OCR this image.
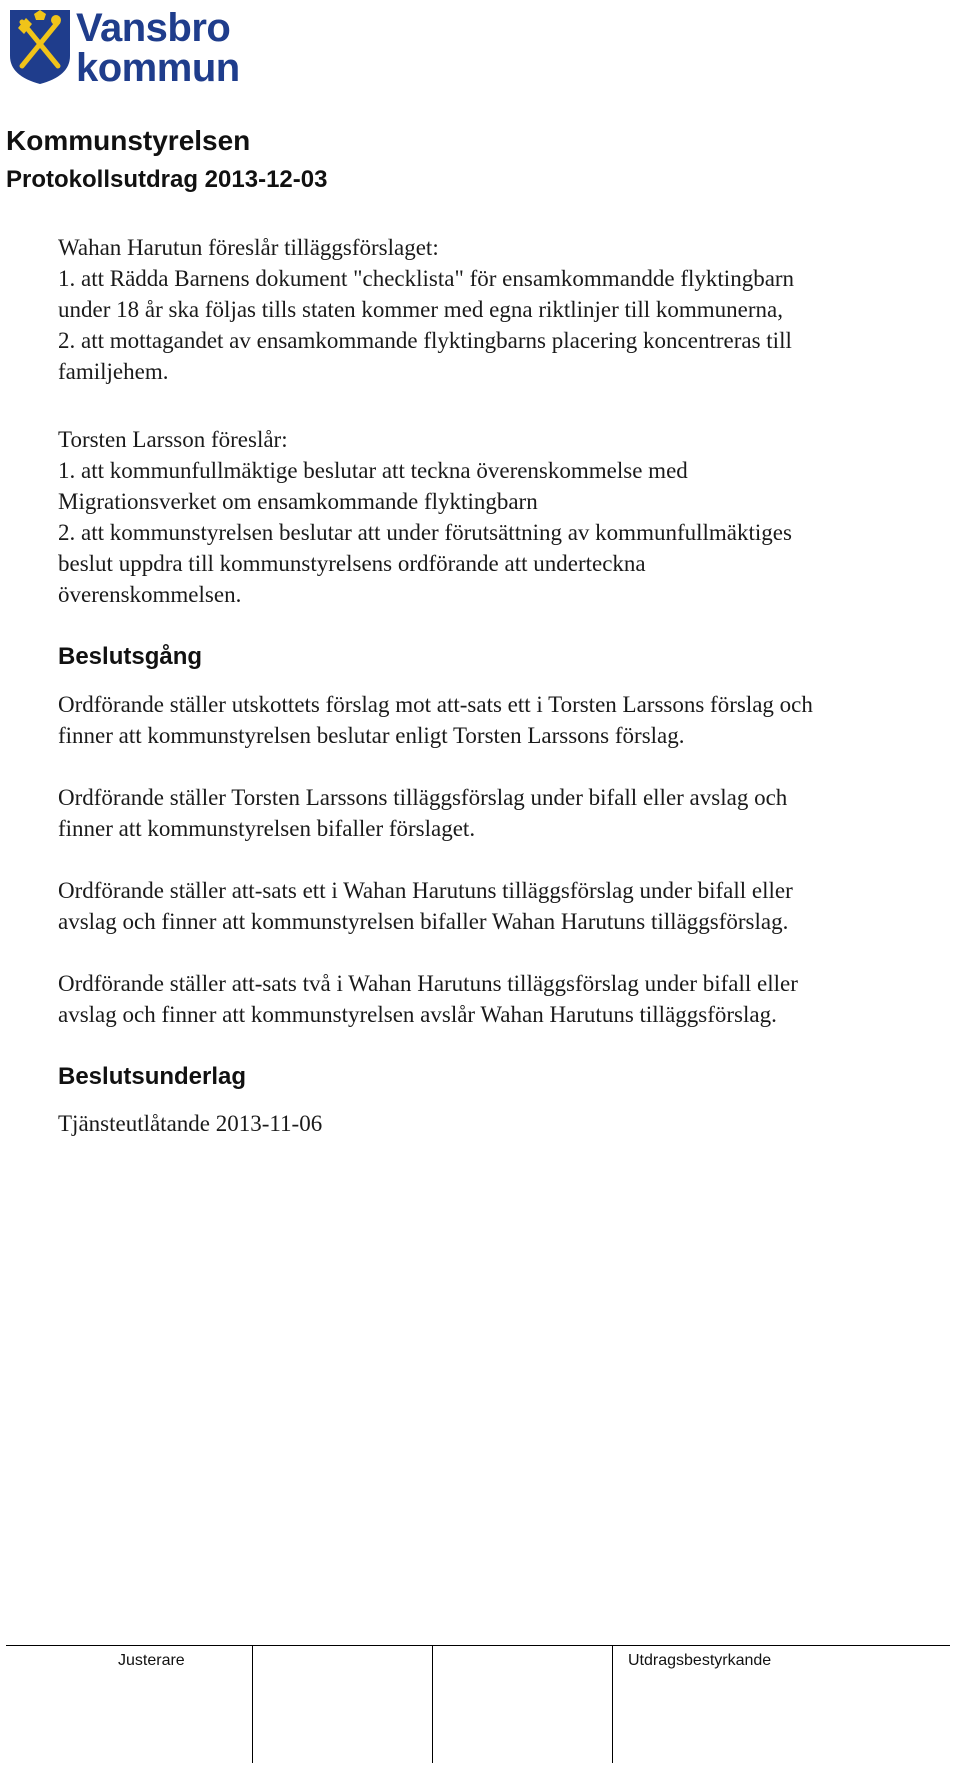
Vansbro
kommun
Kommunstyrelsen
Protokollsutdrag 2013-12-03
Wahan Harutun föreslår tilläggsförslaget:
1. att Rädda Barnens dokument "checklista" för ensamkommandde flyktingbarn
under 18 år ska följas tills staten kommer med egna riktlinjer till kommunerna,
2. att mottagandet av ensamkommande flyktingbarns placering koncentreras till
familjehem.
Torsten Larsson föreslår:
1. att kommunfullmäktige beslutar att teckna överenskommelse med
Migrationsverket om ensamkommande flyktingbarn
2. att kommunstyrelsen beslutar att under förutsättning av kommunfullmäktiges
beslut uppdra till kommunstyrelsens ordförande att underteckna
överenskommelsen.
Beslutsgång
Ordförande ställer utskottets förslag mot att-sats ett i Torsten Larssons förslag och
finner att kommunstyrelsen beslutar enligt Torsten Larssons förslag.
Ordförande ställer Torsten Larssons tilläggsförslag under bifall eller avslag och
finner att kommunstyrelsen bifaller förslaget.
Ordförande ställer att-sats ett i Wahan Harutuns tilläggsförslag under bifall eller
avslag och finner att kommunstyrelsen bifaller Wahan Harutuns tilläggsförslag.
Ordförande ställer att-sats två i Wahan Harutuns tilläggsförslag under bifall eller
avslag och finner att kommunstyrelsen avslår Wahan Harutuns tilläggsförslag.
Beslutsunderlag
Tjänsteutlåtande 2013-11-06
Justerare	Utdragsbestyrkande
